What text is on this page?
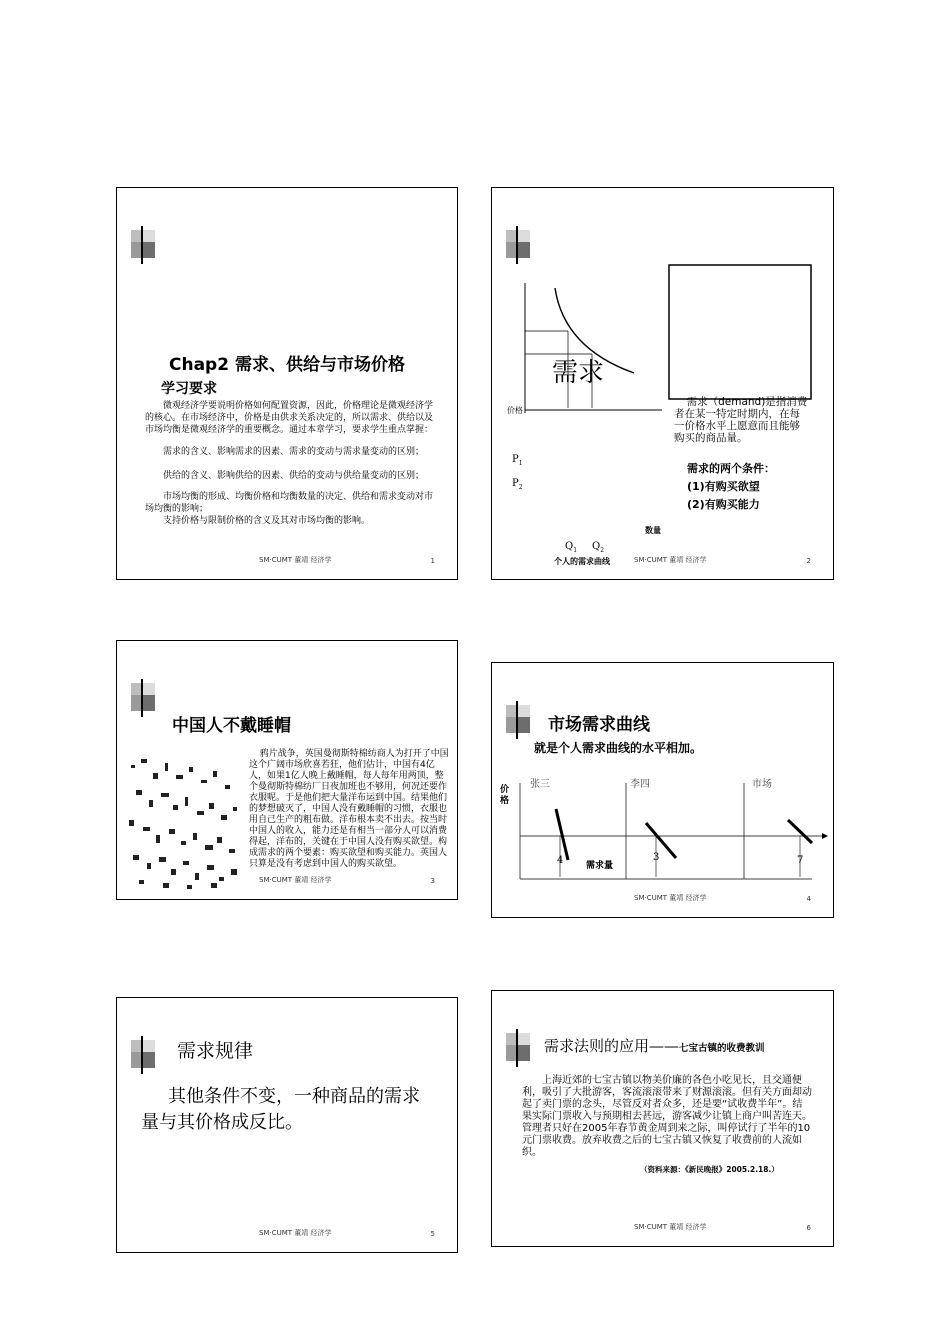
Chap2 需求、供给与市场价格
学习要求
微观经济学要说明价格如何配置资源，因此，价格理论是微观经济学的核心。在市场经济中，价格是由供求关系决定的，所以需求、供给以及市场均衡是微观经济学的重要概念。通过本章学习，要求学生重点掌握：
需求的含义、影响需求的因素、需求的变动与需求量变动的区别；
供给的含义、影响供给的因素、供给的变动与供给量变动的区别；
市场均衡的形成、均衡价格和均衡数量的决定、供给和需求变动对市场均衡的影响；
支持价格与限制价格的含义及其对市场均衡的影响。
SM·CUMT 董靖 经济学	1
需求
价格
$P_1$
$P_2$
$Q_1$ $Q_2$
数量
个人的需求曲线
需求（demand)是指消费者在某一特定时期内，在每一价格水平上愿意而且能够购买的商品量。
需求的两个条件：
(1)有购买欲望
(2)有购买能力
SM·CUMT 董靖 经济学	2
中国人不戴睡帽
鸦片战争，英国曼彻斯特棉纺商人为打开了中国这个广阔市场欣喜若狂，他们估计，中国有4亿人，如果1亿人晚上戴睡帽，每人每年用两顶，整个曼彻斯特棉纺厂日夜加班也不够用，何况还要作衣服呢。于是他们把大量洋布运到中国。结果他们的梦想破灭了，中国人没有戴睡帽的习惯，衣服也用自己生产的粗布做。洋布根本卖不出去。按当时中国人的收入，能力还是有相当一部分人可以消费得起，洋布的，关键在于中国人没有购买欲望。构成需求的两个要素：购买欲望和购买能力。英国人只算是没有考虑到中国人的购买欲望。
SM·CUMT 董靖 经济学	3
市场需求曲线
就是个人需求曲线的水平相加。
价格
张三	李四	市场
4	3	7
需求量
SM·CUMT 董靖 经济学	4
需求规律
其他条件不变，一种商品的需求量与其价格成反比。
SM·CUMT 董靖 经济学	5
需求法则的应用——七宝古镇的收费教训
上海近郊的七宝古镇以物美价廉的各色小吃见长，且交通便利，吸引了大批游客，客流滚滚带来了财源滚滚。但有关方面却动起了卖门票的念头，尽管反对者众多，还是要“试收费半年”。结果实际门票收入与预期相去甚远，游客减少让镇上商户叫苦连天。管理者只好在2005年春节黄金周到来之际，叫停试行了半年的10元门票收费。放弃收费之后的七宝古镇又恢复了收费前的人流如织。
（资料来源：《新民晚报》2005.2.18.）
SM·CUMT 董靖 经济学	6
